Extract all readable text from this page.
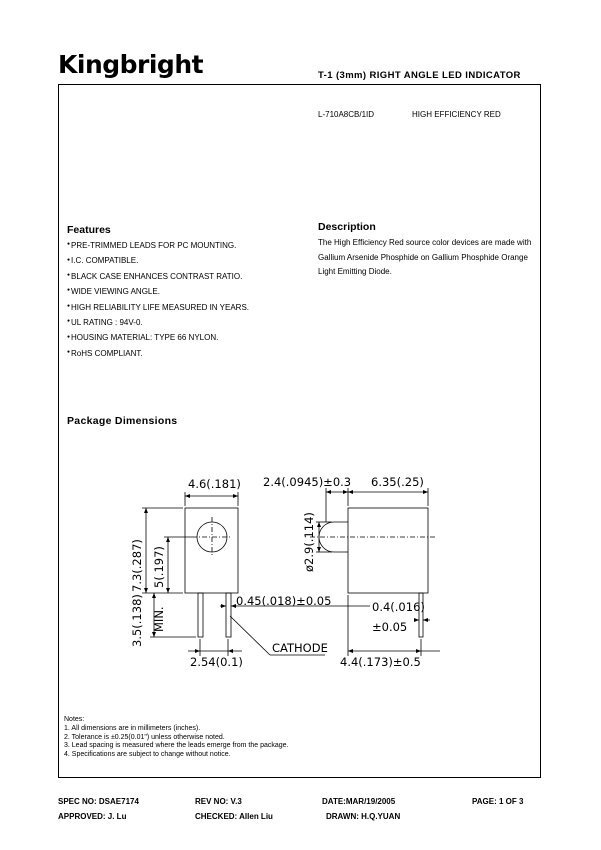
Kingbright	T-1 (3mm) RIGHT ANGLE LED INDICATOR
L-710A8CB/1ID	HIGH EFFICIENCY RED
Features
● PRE-TRIMMED LEADS FOR PC MOUNTING.
● I.C. COMPATIBLE.
● BLACK CASE ENHANCES CONTRAST RATIO.
● WIDE VIEWING ANGLE.
● HIGH RELIABILITY LIFE MEASURED IN YEARS.
● UL RATING : 94V-0.
● HOUSING MATERIAL: TYPE 66 NYLON.
● RoHS COMPLIANT.
Description
The High Efficiency Red source color devices are made with Gallium Arsenide Phosphide on Gallium Phosphide Orange Light Emitting Diode.
Package Dimensions
4.6(.181) 2.4(.0945)±0.3 6.35(.25)
7.3(.287) 5(.197)
3.5(.138) MIN.
ø2.9(.114)
0.45(.018)±0.05	0.4(.016)
±0.05
CATHODE
2.54(0.1)	4.4(.173)±0.5
Notes:
1. All dimensions are in millimeters (inches).
2. Tolerance is ±0.25(0.01") unless otherwise noted.
3. Lead spacing is measured where the leads emerge from the package.
4. Specifications are subject to change without notice.
SPEC NO: DSAE7174	REV NO: V.3	DATE:MAR/19/2005	PAGE: 1 OF 3
APPROVED: J. Lu	CHECKED: Allen Liu	DRAWN: H.Q.YUAN
